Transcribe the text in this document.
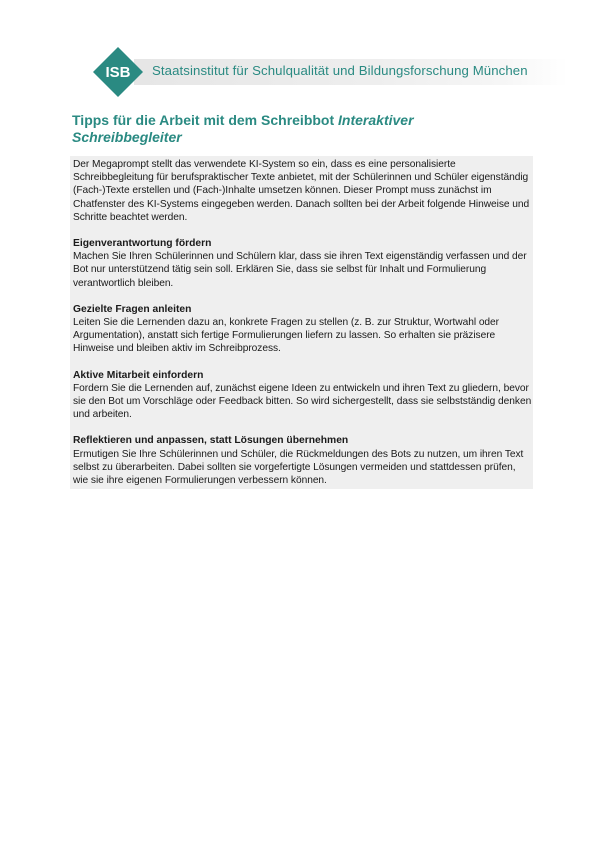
ISB Staatsinstitut für Schulqualität und Bildungsforschung München
Tipps für die Arbeit mit dem Schreibbot Interaktiver Schreibbegleiter

Der Megaprompt stellt das verwendete KI-System so ein, dass es eine personalisierte Schreibbegleitung für berufspraktischer Texte anbietet, mit der Schülerinnen und Schüler eigenständig (Fach-)Texte erstellen und (Fach-)Inhalte umsetzen können. Dieser Prompt muss zunächst im Chatfenster des KI-Systems eingegeben werden. Danach sollten bei der Arbeit folgende Hinweise und Schritte beachtet werden.

Eigenverantwortung fördern

Machen Sie Ihren Schülerinnen und Schülern klar, dass sie ihren Text eigenständig verfassen und der Bot nur unterstützend tätig sein soll. Erklären Sie, dass sie selbst für Inhalt und Formulierung verantwortlich bleiben.

Gezielte Fragen anleiten

Leiten Sie die Lernenden dazu an, konkrete Fragen zu stellen (z. B. zur Struktur, Wortwahl oder Argumentation), anstatt sich fertige Formulierungen liefern zu lassen. So erhalten sie präzisere Hinweise und bleiben aktiv im Schreibprozess.

Aktive Mitarbeit einfordern

Fordern Sie die Lernenden auf, zunächst eigene Ideen zu entwickeln und ihren Text zu gliedern, bevor sie den Bot um Vorschläge oder Feedback bitten. So wird sichergestellt, dass sie selbstständig denken und arbeiten.

Reflektieren und anpassen, statt Lösungen übernehmen

Ermutigen Sie Ihre Schülerinnen und Schüler, die Rückmeldungen des Bots zu nutzen, um ihren Text selbst zu überarbeiten. Dabei sollten sie vorgefertigte Lösungen vermeiden und stattdessen prüfen, wie sie ihre eigenen Formulierungen verbessern können.
